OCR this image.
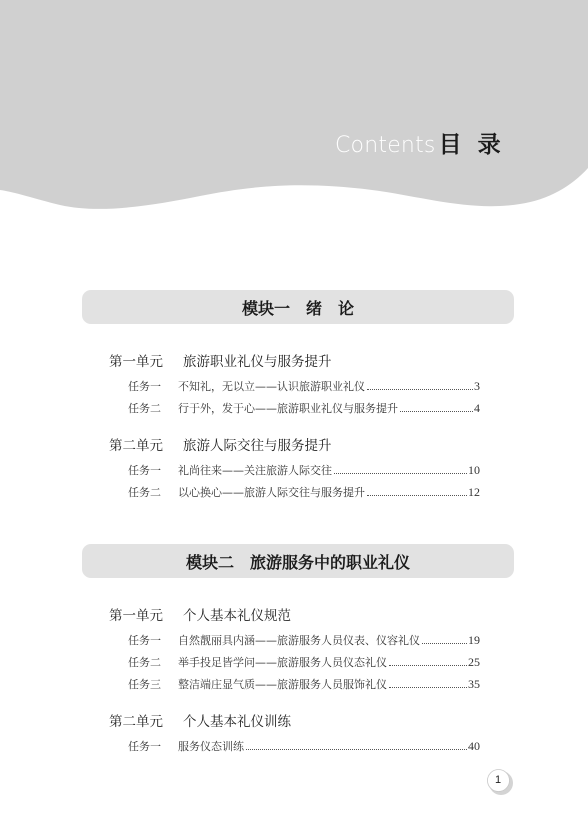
Contents 目 录
模块一　绪　论
第一单元	旅游职业礼仪与服务提升
任务一	不知礼，无以立——认识旅游职业礼仪	3
任务二	行于外，发于心——旅游职业礼仪与服务提升	4
第二单元	旅游人际交往与服务提升
任务一	礼尚往来——关注旅游人际交往	10
任务二	以心换心——旅游人际交往与服务提升	12
模块二　旅游服务中的职业礼仪
第一单元	个人基本礼仪规范
任务一	自然靓丽具内涵——旅游服务人员仪表、仪容礼仪	19
任务二	举手投足皆学问——旅游服务人员仪态礼仪	25
任务三	整洁端庄显气质——旅游服务人员服饰礼仪	35
第二单元	个人基本礼仪训练
任务一	服务仪态训练	40
1
